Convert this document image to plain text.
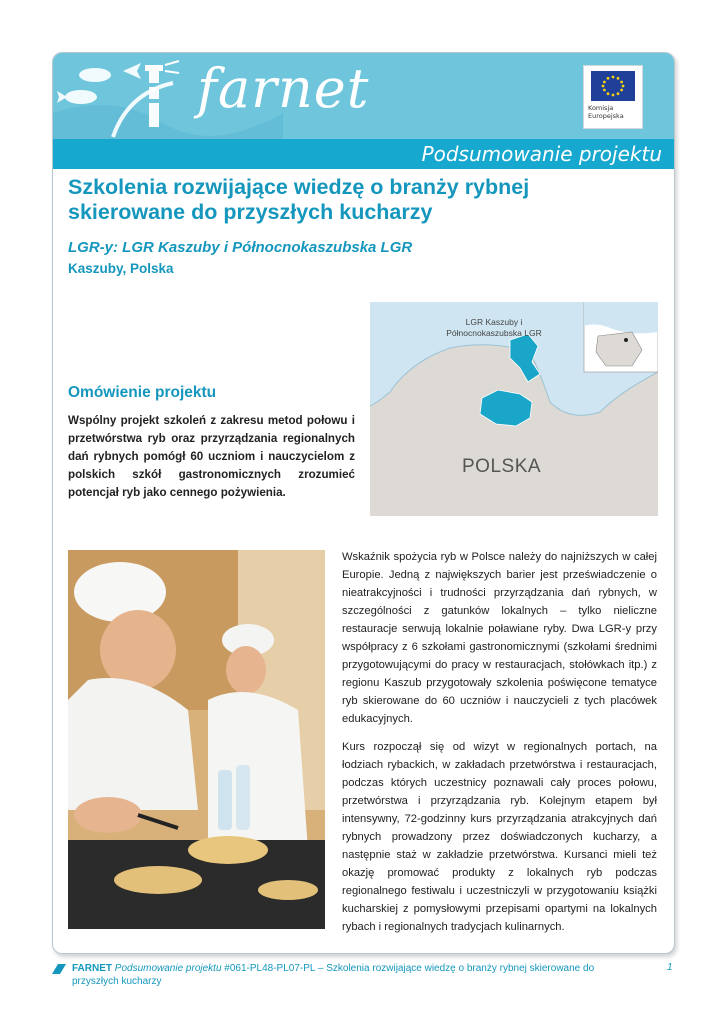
farnet	Komisja
Europejska
Podsumowanie projektu
Szkolenia rozwijające wiedzę o branży rybnej skierowane do przyszłych kucharzy
LGR-y: LGR Kaszuby i Północnokaszubska LGR
Kaszuby, Polska
LGR Kaszuby i
Północnokaszubska LGR
POLSKA
Omówienie projektu

Wspólny projekt szkoleń z zakresu metod połowu i przetwórstwa ryb oraz przyrządzania regionalnych dań rybnych pomógł 60 uczniom i nauczycielom z polskich szkół gastronomicznych zrozumieć potencjał ryb jako cennego pożywienia.

Wskaźnik spożycia ryb w Polsce należy do najniższych w całej Europie. Jedną z największych barier jest przeświadczenie o nieatrakcyjności i trudności przyrządzania dań rybnych, w szczególności z gatunków lokalnych – tylko nieliczne restauracje serwują lokalnie poławiane ryby. Dwa LGR-y przy współpracy z 6 szkołami gastronomicznymi (szkołami średnimi przygotowującymi do pracy w restauracjach, stołówkach itp.) z regionu Kaszub przygotowały szkolenia poświęcone tematyce ryb skierowane do 60 uczniów i nauczycieli z tych placówek edukacyjnych.

Kurs rozpoczął się od wizyt w regionalnych portach, na łodziach rybackich, w zakładach przetwórstwa i restauracjach, podczas których uczestnicy poznawali cały proces połowu, przetwórstwa i przyrządzania ryb. Kolejnym etapem był intensywny, 72-godzinny kurs przyrządzania atrakcyjnych dań rybnych prowadzony przez doświadczonych kucharzy, a następnie staż w zakładzie przetwórstwa. Kursanci mieli też okazję promować produkty z lokalnych ryb podczas regionalnego festiwalu i uczestniczyli w przygotowaniu książki kucharskiej z pomysłowymi przepisami opartymi na lokalnych rybach i regionalnych tradycjach kulinarnych.

FARNET Podsumowanie projektu #061-PL48-PL07-PL – Szkolenia rozwijające wiedzę o branży rybnej skierowane do przyszłych kucharzy
1
